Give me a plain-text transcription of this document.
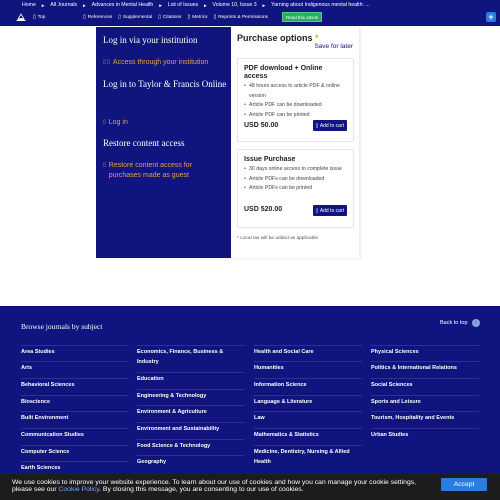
Home ► All Journals ► Advances in Mental Health ► List of Issues ► Volume 10, Issue 3 ► Yarning about Indigenous mental health: ...
▯ Top	▯ References ▯ Supplemental ▯ Citations ▯ Metrics ▯ Reprints & Permissions	Read this article	+
Log in via your institution
▯ ▯ Access through your institution
Log in to Taylor & Francis Online
▯ Log in
Restore content access
▯ Restore content access for purchases made as guest
Purchase options *
Save for later
PDF download + Online access
• 48 hours access to article PDF & online version
• Article PDF can be downloaded
• Article PDF can be printed
USD 50.00	▯ Add to cart
Issue Purchase
• 30 days online access to complete issue
• Article PDFs can be downloaded
• Article PDFs can be printed
USD 520.00	▯ Add to cart
* Local tax will be added as applicable
Browse journals by subject	Back to top	↑
Area Studies
Arts
Behavioral Sciences
Bioscience
Built Environment
Communication Studies
Computer Science
Earth Sciences
Economics, Finance, Business & Industry
Education
Engineering & Technology
Environment & Agriculture
Environment and Sustainability
Food Science & Technology
Geography
Health and Social Care
Humanities
Information Science
Language & Literature
Law
Mathematics & Statistics
Medicine, Dentistry, Nursing & Allied Health
Physical Sciences
Politics & International Relations
Social Sciences
Sports and Leisure
Tourism, Hospitality and Events
Urban Studies
We use cookies to improve your website experience. To learn about our use of cookies and how you can manage your cookie settings, please see our Cookie Policy. By closing this message, you are consenting to our use of cookies.
Accept
